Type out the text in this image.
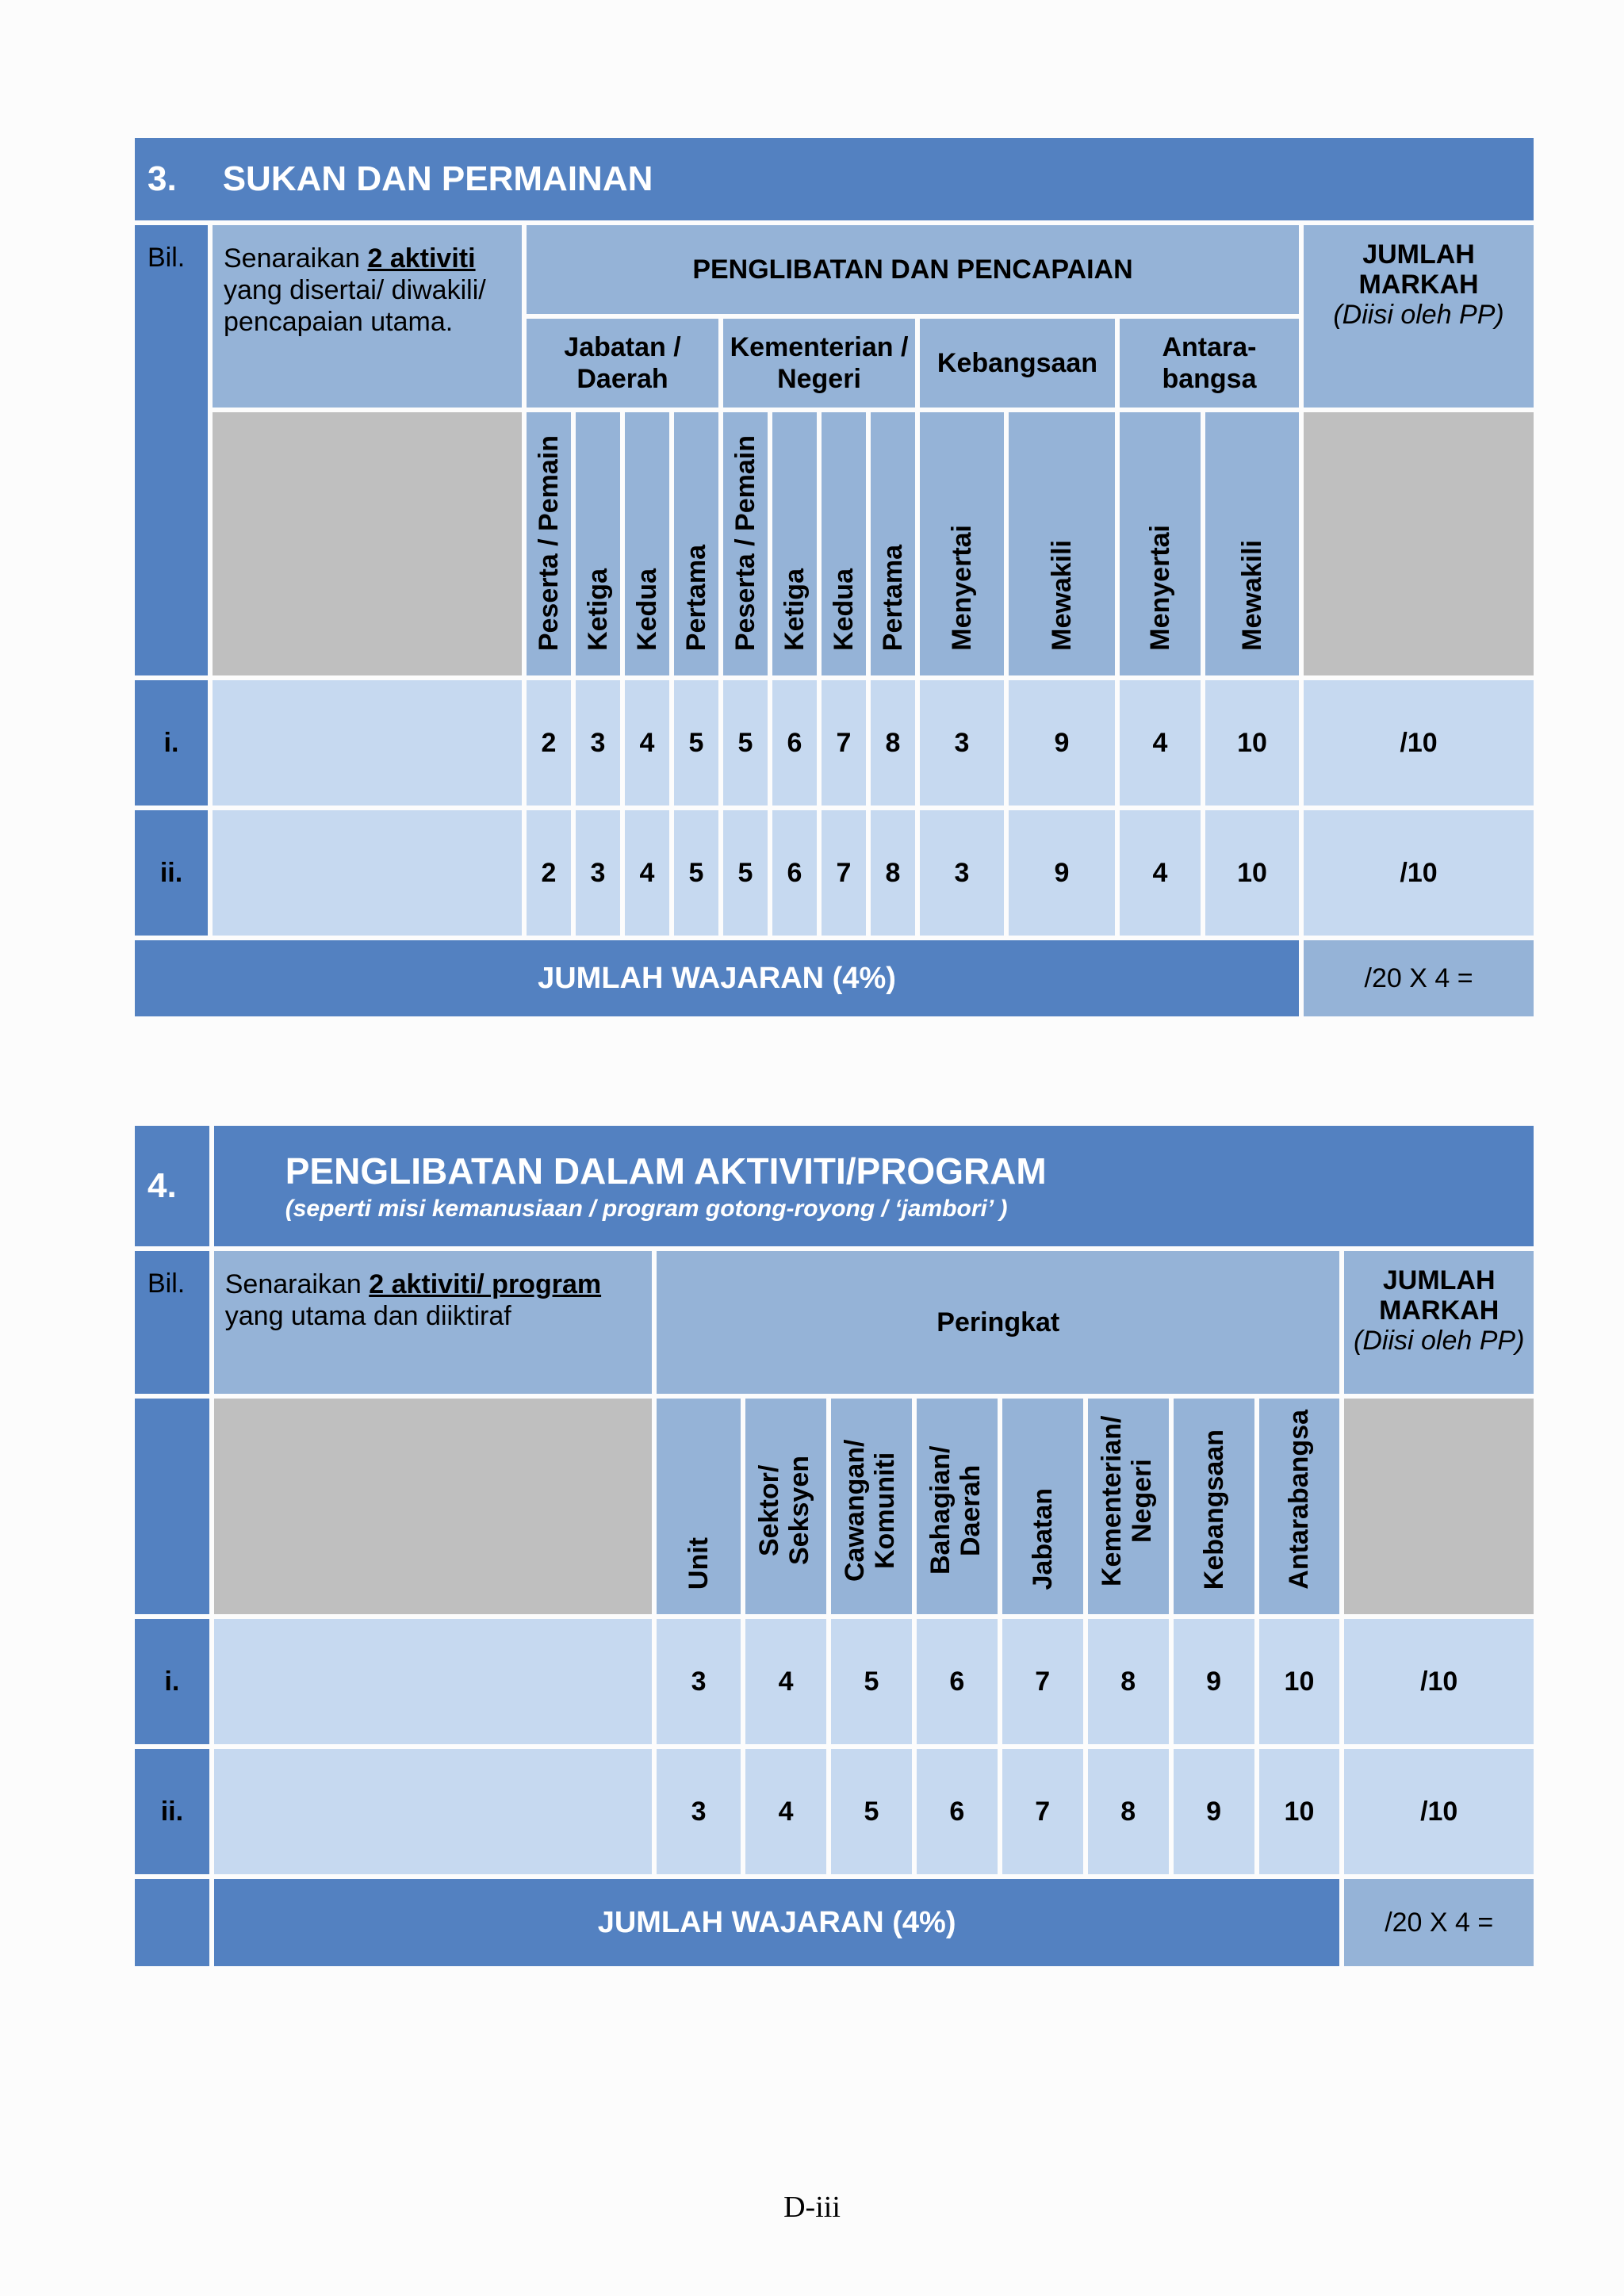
3. SUKAN DAN PERMAINAN														
Bil.	Senaraikan 2 aktiviti
yang disertai/ diwakili/ pencapaian utama.	PENGLIBATAN DAN PENCAPAIAN												JUMLAH MARKAH
(Diisi oleh PP)
		Jabatan / Daerah				Kementerian / Negeri				Kebangsaan		Antara-bangsa		
		Peserta / Pemain	Ketiga	Kedua	Pertama	Peserta / Pemain	Ketiga	Kedua	Pertama	Menyertai	Mewakili	Menyertai	Mewakili	
i.		2	3	4	5	5	6	7	8	3	9	4	10	/10
ii.		2	3	4	5	5	6	7	8	3	9	4	10	/10
JUMLAH WAJARAN (4%)														/20 X 4 =
4.	PENGLIBATAN DALAM AKTIVITI/PROGRAM
(seperti misi kemanusiaan / program gotong-royong / ‘jambori’ )									

Bil.	Senaraikan 2 aktiviti/ program
yang utama dan diiktiraf	Peringkat								JUMLAH MARKAH
(Diisi oleh PP)
		Unit	Sektor/ Seksyen	Cawangan/ Komuniti	Bahagian/ Daerah	Jabatan	Kementerian/ Negeri	Kebangsaan	Antarabangsa	
i.		3	4	5	6	7	8	9	10	/10
ii.		3	4	5	6	7	8	9	10	/10
	JUMLAH WAJARAN (4%)									/20 X 4 =
D-iii
